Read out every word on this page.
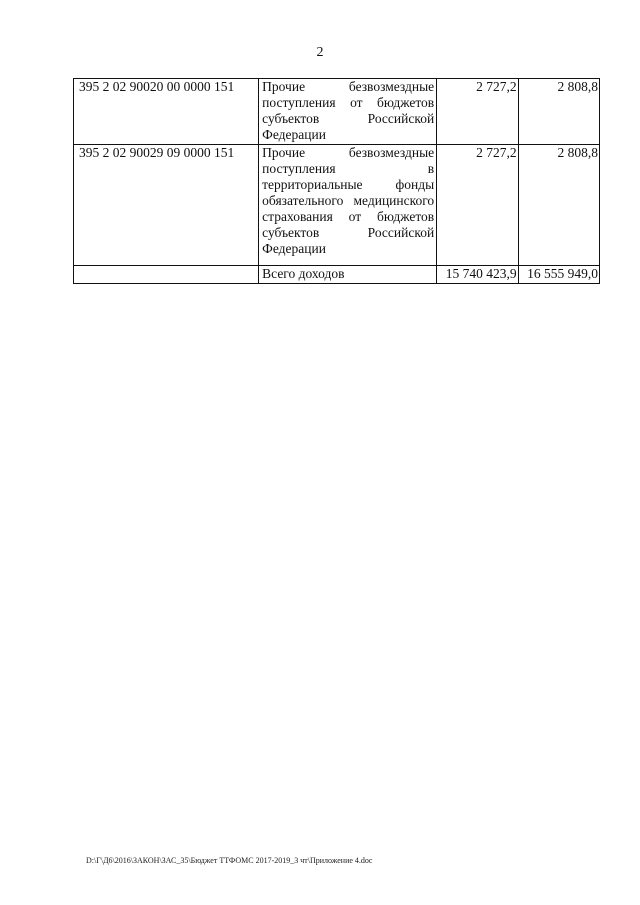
2
395 2 02 90020 00 0000 151	Прочие безвозмездные поступления от бюджетов субъектов Российской Федерации	2 727,2	2 808,8
395 2 02 90029 09 0000 151	Прочие безвозмездные поступления в территориальные фонды обязательного медицинского страхования от бюджетов субъектов Российской Федерации	2 727,2	2 808,8
	Всего доходов	15 740 423,9	16 555 949,0
D:\Г\Д6\2016\ЗАКОН\ЗАС_35\Бюджет ТТФОМС 2017-2019_3 чт\Приложение 4.doc
